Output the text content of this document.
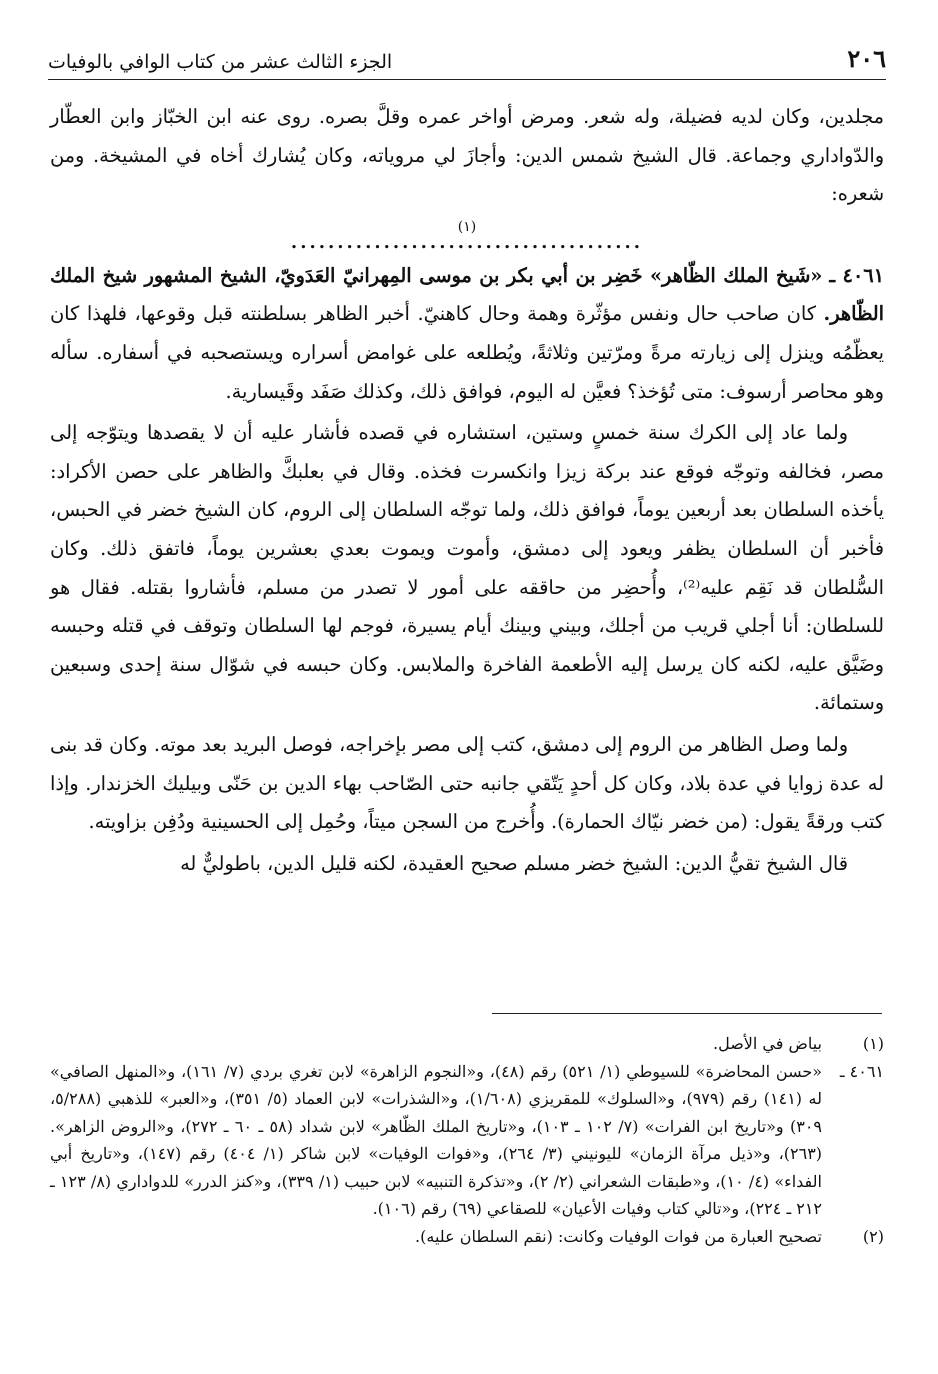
٢٠٦
الجزء الثالث عشر من كتاب الوافي بالوفيات

مجلدين، وكان لديه فضيلة، وله شعر. ومرض أواخر عمره وقلَّ بصره. روى عنه ابن الخبّاز وابن العطّار والدّواداري وجماعة. قال الشيخ شمس الدين: وأجازَ لي مروياته، وكان يُشارك أخاه في المشيخة. ومن شعره:

(١)
......................................

٤٠٦١ ـ «شَيخ الملك الظّاهر» خَضِر بن أبي بكر بن موسى المِهرانيّ العَدَويّ، الشيخ المشهور شيخ الملك الظّاهر. كان صاحب حال ونفس مؤثّرة وهمة وحال كاهنيّ. أخبر الظاهر بسلطنته قبل وقوعها، فلهذا كان يعظّمُه وينزل إلى زيارته مرةً ومرّتين وثلاثةً، ويُطلعه على غوامض أسراره ويستصحبه في أسفاره. سأله وهو محاصر أرسوف: متى تُؤخذ؟ فعيَّن له اليوم، فوافق ذلك، وكذلك صَفَد وقَيسارية.

ولما عاد إلى الكرك سنة خمسٍ وستين، استشاره في قصده فأشار عليه أن لا يقصدها ويتوّجه إلى مصر، فخالفه وتوجّه فوقع عند بركة زيزا وانكسرت فخذه. وقال في بعلبكَّ والظاهر على حصن الأكراد: يأخذه السلطان بعد أربعين يوماً، فوافق ذلك، ولما توجّه السلطان إلى الروم، كان الشيخ خضر في الحبس، فأخبر أن السلطان يظفر ويعود إلى دمشق، وأموت ويموت بعدي بعشرين يوماً، فاتفق ذلك. وكان السُّلطان قد نَقِم عليه⁽²⁾، وأُحضِر من حاققه على أمور لا تصدر من مسلم، فأشاروا بقتله. فقال هو للسلطان: أنا أجلي قريب من أجلك، وبيني وبينك أيام يسيرة، فوجم لها السلطان وتوقف في قتله وحبسه وضَيَّق عليه، لكنه كان يرسل إليه الأطعمة الفاخرة والملابس. وكان حبسه في شوّال سنة إحدى وسبعين وستمائة.

ولما وصل الظاهر من الروم إلى دمشق، كتب إلى مصر بإخراجه، فوصل البريد بعد موته. وكان قد بنى له عدة زوايا في عدة بلاد، وكان كل أحدٍ يَتّقي جانبه حتى الصّاحب بهاء الدين بن حَنّى وبيليك الخزندار. وإذا كتب ورقةً يقول: (من خضر نيّاك الحمارة). وأُخرج من السجن ميتاً، وحُمِل إلى الحسينية ودُفِن بزاويته.

قال الشيخ تقيُّ الدين: الشيخ خضر مسلم صحيح العقيدة، لكنه قليل الدين، باطوليٌّ له

(١)
بياض في الأصل.
٤٠٦١ ـ
«حسن المحاضرة» للسيوطي (١/ ٥٢١) رقم (٤٨)، و«النجوم الزاهرة» لابن تغري بردي (٧/ ١٦١)، و«المنهل الصافي» له (١٤١) رقم (٩٧٩)، و«السلوك» للمقريزي (١/٦٠٨)، و«الشذرات» لابن العماد (٥/ ٣٥١)، و«العبر» للذهبي (٥/٢٨٨، ٣٠٩) و«تاريخ ابن الفرات» (٧/ ١٠٢ ـ ١٠٣)، و«تاريخ الملك الظّاهر» لابن شداد (٥٨ ـ ٦٠ ـ ٢٧٢)، و«الروض الزاهر». (٢٦٣)، و«ذيل مرآة الزمان» لليونيني (٣/ ٢٦٤)، و«فوات الوفيات» لابن شاكر (١/ ٤٠٤) رقم (١٤٧)، و«تاريخ أبي الفداء» (٤/ ١٠)، و«طبقات الشعراني (٢/ ٢)، و«تذكرة التنبيه» لابن حبيب (١/ ٣٣٩)، و«كنز الدرر» للدواداري (٨/ ١٢٣ ـ ٢١٢ ـ ٢٢٤)، و«تالي كتاب وفيات الأعيان» للصقاعي (٦٩) رقم (١٠٦).
(٢)
تصحيح العبارة من فوات الوفيات وكانت: (نقم السلطان عليه).
